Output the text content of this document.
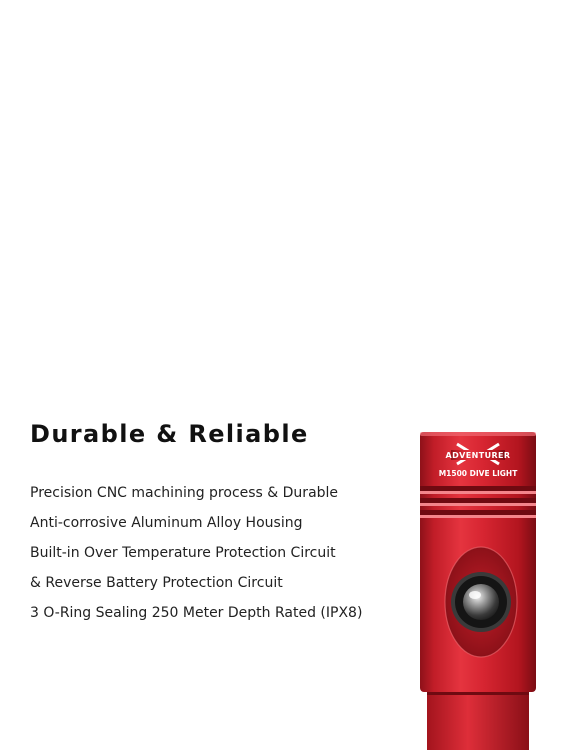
Durable & Reliable
Precision CNC machining process & Durable
Anti-corrosive Aluminum Alloy Housing
Built-in Over Temperature Protection Circuit
& Reverse Battery Protection Circuit
3 O-Ring Sealing 250 Meter Depth Rated (IPX8)
ADVENTURER
M1500 DIVE LIGHT
